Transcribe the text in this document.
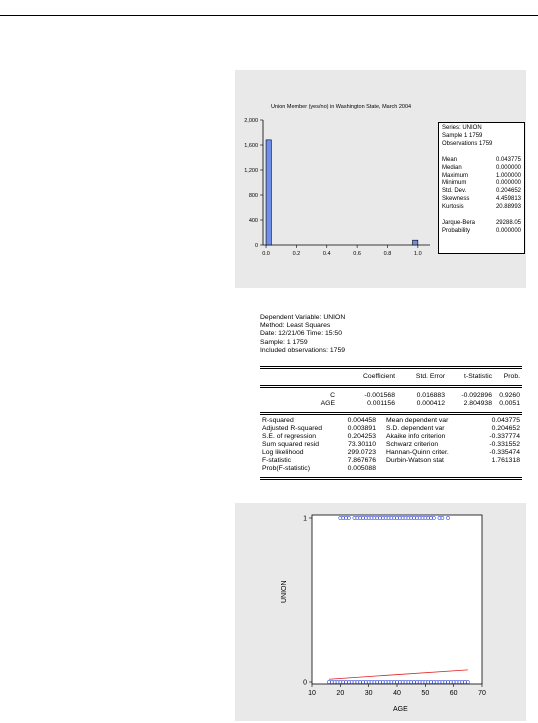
Union Member (yes/no) in Washington State, March 2004
0
400
800
1,200
1,600
2,000
0.0	0.2	0.4	0.6	0.8	1.0
Series: UNION
Sample 1 1759
Observations 1759
Mean	0.043775
Median	0.000000
Maximum	1.000000
Minimum	0.000000
Std. Dev.	0.204652
Skewness	4.459813
Kurtosis	20.88993
Jarque-Bera	29288.05
Probability	0.000000
Dependent Variable: UNION
Method: Least Squares
Date: 12/21/06 Time: 15:50
Sample: 1 1759
Included observations: 1759
Coefficient	Std. Error	t-Statistic	Prob.
C	-0.001568	0.016883	-0.092896	0.9260
AGE	0.001156	0.000412	2.804938	0.0051
R-squared	0.004458	Mean dependent var	0.043775
Adjusted R-squared	0.003891	S.D. dependent var	0.204652
S.E. of regression	0.204253	Akaike info criterion	-0.337774
Sum squared resid	73.30110	Schwarz criterion	-0.331552
Log likelihood	299.0723	Hannan-Quinn criter.	-0.335474
F-statistic	7.867676	Durbin-Watson stat	1.761318
Prob(F-statistic)	0.005088
10	20	30	40	50	60	70
0
1
UNION
AGE
